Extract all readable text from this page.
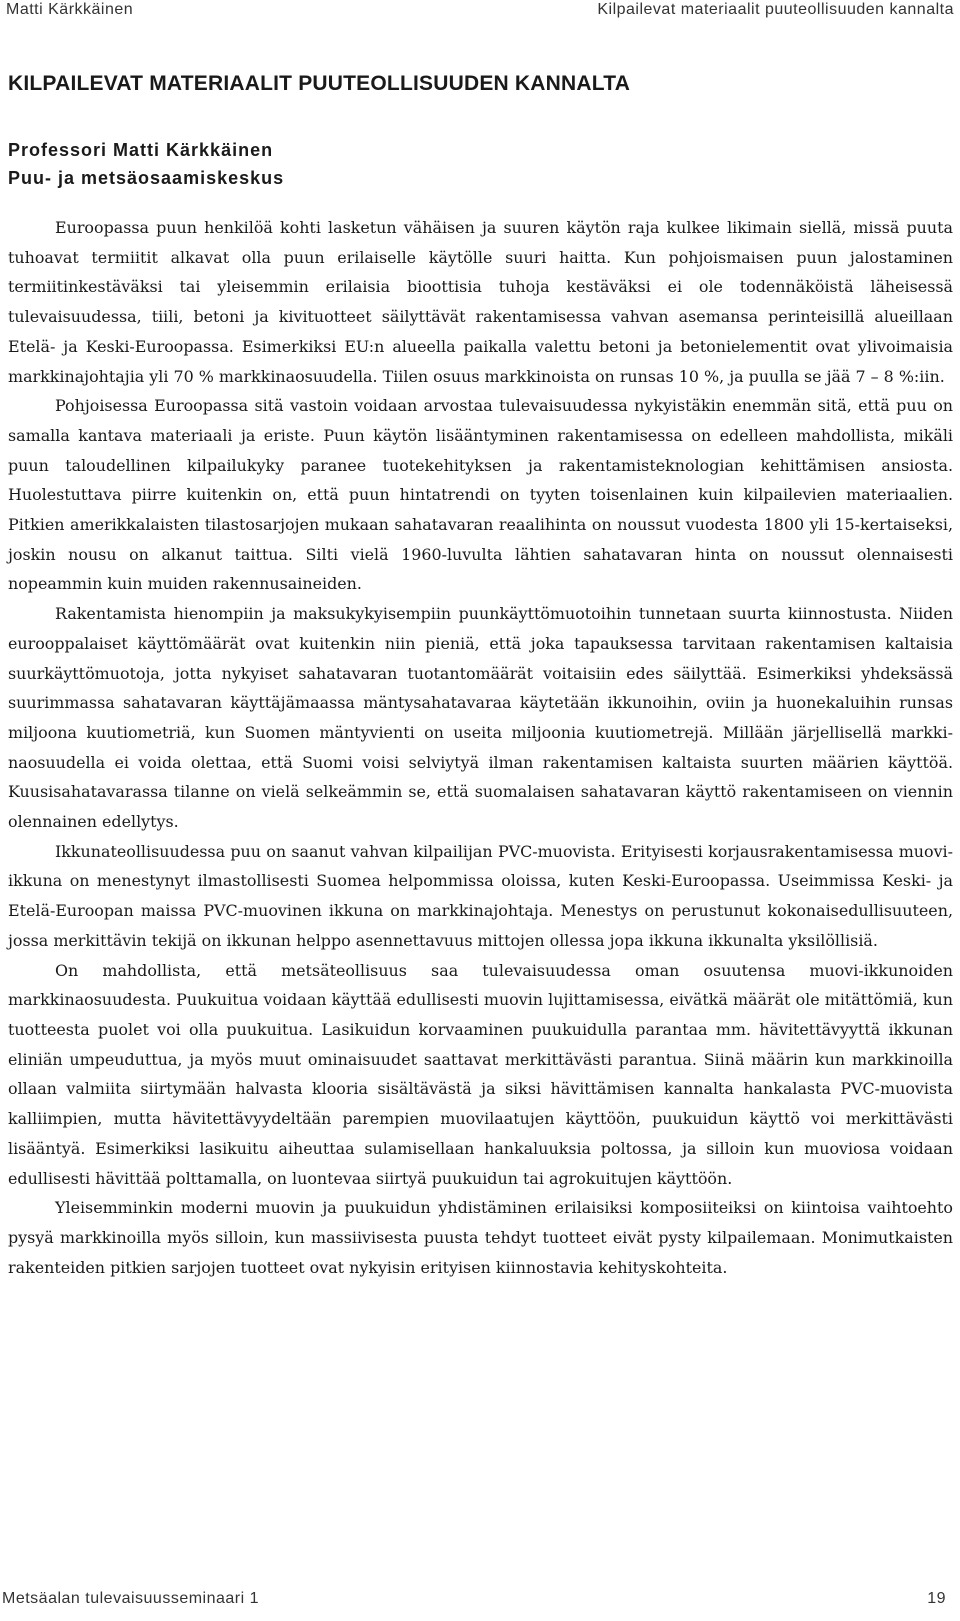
Matti Kärkkäinen	Kilpailevat materiaalit puuteollisuuden kannalta
KILPAILEVAT MATERIAALIT PUUTEOLLISUUDEN KANNALTA
Professori Matti Kärkkäinen
Puu- ja metsäosaamiskeskus

Euroopassa puun henkilöä kohti lasketun vähäisen ja suuren käytön raja kulkee likimain siellä, missä puuta tuhoavat termiitit alkavat olla puun erilaiselle käytölle suuri haitta. Kun pohjoismaisen puun jalostaminen termiitinkestäväksi tai yleisemmin erilaisia bioottisia tuhoja kestäväksi ei ole todennäköistä läheisessä tulevaisuudessa, tiili, betoni ja kivituotteet säilyttävät rakentamisessa vahvan asemansa perinteisillä alueillaan Etelä- ja Keski-Euroopassa. Esimerkiksi EU:n alueella paikalla valettu betoni ja betonielementit ovat ylivoimaisia markkinajohtajia yli 70 % markkinaosuudella. Tiilen osuus markkinoista on runsas 10 %, ja puulla se jää 7 – 8 %:iin.

Pohjoisessa Euroopassa sitä vastoin voidaan arvostaa tulevaisuudessa nykyistäkin enemmän sitä, että puu on samalla kantava materiaali ja eriste. Puun käytön lisääntyminen rakentamisessa on edelleen mahdollista, mikäli puun taloudellinen kilpailukyky paranee tuotekehityksen ja rakentamisteknologian kehittämisen ansiosta. Huolestuttava piirre kuitenkin on, että puun hintatrendi on tyyten toisenlainen kuin kilpailevien materiaalien. Pitkien amerikkalaisten tilastosarjojen mukaan sahatavaran reaalihinta on noussut vuodesta 1800 yli 15-kertaiseksi, joskin nousu on alkanut taittua. Silti vielä 1960-luvulta lähtien sahatavaran hinta on noussut olennaisesti nopeammin kuin muiden rakennusaineiden.

Rakentamista hienompiin ja maksukykyisempiin puunkäyttömuotoihin tunnetaan suurta kiinnostusta. Niiden eurooppalaiset käyttömäärät ovat kuitenkin niin pieniä, että joka tapauksessa tarvitaan rakentamisen kaltaisia suurkäyttömuotoja, jotta nykyiset sahatavaran tuotantomäärät voitaisiin edes säilyttää. Esimerkiksi yhdeksässä suurimmassa sahatavaran käyttäjämaassa mäntysahatavaraa käytetään ikkunoihin, oviin ja huonekaluihin runsas miljoona kuutiometriä, kun Suomen mäntyvienti on useita miljoonia kuutiometrejä. Millään järjellisellä markkinaosuudella ei voida olettaa, että Suomi voisi selviytyä ilman rakentamisen kaltaista suurten määrien käyttöä. Kuusisahatavarassa tilanne on vielä selkeämmin se, että suomalaisen sahatavaran käyttö rakentamiseen on viennin olennainen edellytys.

Ikkunateollisuudessa puu on saanut vahvan kilpailijan PVC-muovista. Erityisesti korjausrakentamisessa muovi-ikkuna on menestynyt ilmastollisesti Suomea helpommissa oloissa, kuten Keski-Euroopassa. Useimmissa Keski- ja Etelä-Euroopan maissa PVC-muovinen ikkuna on markkinajohtaja. Menestys on perustunut kokonaisedullisuuteen, jossa merkittävin tekijä on ikkunan helppo asennettavuus mittojen ollessa jopa ikkuna ikkunalta yksilöllisiä.

On mahdollista, että metsäteollisuus saa tulevaisuudessa oman osuutensa muovi-ikkunoiden markkinaosuudesta. Puukuitua voidaan käyttää edullisesti muovin lujittamisessa, eivätkä määrät ole mitättömiä, kun tuotteesta puolet voi olla puukuitua. Lasikuidun korvaaminen puukuidulla parantaa mm. hävitettävyyttä ikkunan eliniän umpeuduttua, ja myös muut ominaisuudet saattavat merkittävästi parantua. Siinä määrin kun markkinoilla ollaan valmiita siirtymään halvasta klooria sisältävästä ja siksi hävittämisen kannalta hankalasta PVC-muovista kalliimpien, mutta hävitettävyydeltään parempien muovilaatujen käyttöön, puukuidun käyttö voi merkittävästi lisääntyä. Esimerkiksi lasikuitu aiheuttaa sulamisellaan hankaluuksia poltossa, ja silloin kun muoviosa voidaan edullisesti hävittää polttamalla, on luontevaa siirtyä puukuidun tai agrokuitujen käyttöön.

Yleisemminkin moderni muovin ja puukuidun yhdistäminen erilaisiksi komposiiteiksi on kiintoisa vaihtoehto pysyä markkinoilla myös silloin, kun massiivisesta puusta tehdyt tuotteet eivät pysty kilpailemaan. Monimutkaisten rakenteiden pitkien sarjojen tuotteet ovat nykyisin erityisen kiinnostavia kehityskohteita.

Metsäalan tulevaisuusseminaari 1	19
